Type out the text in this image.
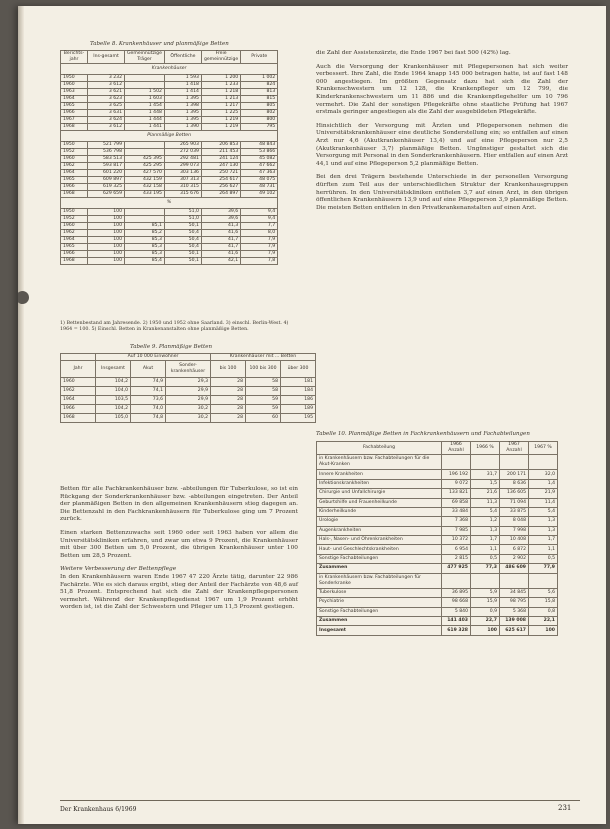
Tabelle 8. Krankenhäuser und planmäßige Betten
Berichts-jahr	Ins-gesamt	Gemeinnützige Träger	Öffentliche	Freie gemeinnützige	Private
Krankenhäuser					
1950	3 232		1 593	1 200	1 002
1960	3 612		1 418	1 233	824
1963	3 621	1 502	1 414	1 218	813
1964	3 623	1 603	1 395	1 213	815
1965	3 625	1 454	1 398	1 217	805
1966	3 631	1 448	1 395	1 225	802
1967	3 624	1 444	1 395	1 219	800
1968	3 612	1 441	1 390	1 219	795
Planmäßige Betten					
1950	521 799		265 903	206 853	48 843
1952	536 798		272 039	211 453	53 866
1960	583 513	425 395	292 481	241 124	45 082
1962	593 817	425 295	299 073	247 130	47 662
1964	601 220	427 570	303 136	250 721	47 363
1965	609 897	432 159	307 313	254 617	48 075
1966	619 325	432 158	310 315	256 627	48 731
1968	629 659	433 195	315 676	264 897	49 102
%					
1950	100		51,0	39,6	9,4
1952	100		51,0	39,6	9,4
1960	100	85,1	50,1	41,3	7,7
1962	100	85,2	50,4	41,6	8,0
1964	100	85,3	50,4	41,7	7,9
1965	100	85,3	50,4	41,7	7,9
1966	100	85,3	50,1	41,6	7,9
1968	100	85,4	50,1	42,1	7,8
1) Bettenbestand am Jahresende. 2) 1950 und 1952 ohne Saarland. 3) einschl. Berlin-West. 4) 1964 = 100. 5) Einschl. Betten in Krankenanstalten ohne planmäßige Betten.
Tabelle 9. Planmäßige Betten
	Auf 10 000 Einwohner			Krankenhäuser mit ... Betten		
Jahr	Insgesamt	Akut	Sonder-krankenhäuser	bis 100	100 bis 300	über 300
1960	104,2	74,9	29,3	28	58	181
1962	104,0	74,1	29,9	28	58	184
1964	103,5	73,6	29,9	28	59	186
1966	104,2	74,0	30,2	28	59	189
1968	105,0	74,8	30,2	28	60	195

Betten für alle Fachkrankenhäuser bzw. -abteilungen für Tuberkulose, so ist ein Rückgang der Sonderkrankenhäuser bzw. -abteilungen eingetreten. Der Anteil der planmäßigen Betten in den allgemeinen Krankenhäusern stieg dagegen an. Die Bettenzahl in den Fachkrankenhäusern für Tuberkulose ging um 7 Prozent zurück.

Einen starken Bettenzuwachs seit 1960 oder seit 1963 haben vor allem die Universitätskliniken erfahren, und zwar um etwa 9 Prozent, die Krankenhäuser mit über 300 Betten um 5,0 Prozent, die übrigen Krankenhäuser unter 100 Betten um 28,5 Prozent.

Weitere Verbesserung der Bettenpflege

In den Krankenhäusern waren Ende 1967 47 220 Ärzte tätig, darunter 22 986 Fachärzte. Wie es sich daraus ergibt, stieg der Anteil der Fachärzte von 48,6 auf 51,8 Prozent. Entsprechend hat sich die Zahl der Krankenpflegepersonen vermehrt. Während der Krankenpflegedienst 1967 um 1,9 Prozent erhöht worden ist, ist die Zahl der Schwestern und Pfleger um 11,5 Prozent gestiegen.

die Zahl der Assistenzärzte, die Ende 1967 bei fast 500 (42%) lag.

Auch die Versorgung der Krankenhäuser mit Pflegepersonen hat sich weiter verbessert. Ihre Zahl, die Ende 1964 knapp 145 000 betragen hatte, ist auf fast 148 000 angestiegen. Im größten Gegensatz dazu hat sich die Zahl der Krankenschwestern um 12 128, die Krankenpfleger um 12 799, die Kinderkrankenschwestern um 11 886 und die Krankenpflegehelfer um 10 796 vermehrt. Die Zahl der sonstigen Pflegekräfte ohne staatliche Prüfung hat 1967 erstmals geringer angestiegen als die Zahl der ausgebildeten Pflegekräfte.

Hinsichtlich der Versorgung mit Ärzten und Pflegepersonen nehmen die Universitätskrankenhäuser eine deutliche Sonderstellung ein; so entfallen auf einen Arzt nur 4,6 (Akutkrankenhäuser 13,4) und auf eine Pflegeperson nur 2,5 (Akutkrankenhäuser 3,7) planmäßige Betten. Ungünstiger gestaltet sich die Versorgung mit Personal in den Sonderkrankenhäusern. Hier entfallen auf einen Arzt 44,1 und auf eine Pflegeperson 5,2 planmäßige Betten.

Bei den drei Trägern bestehende Unterschiede in der personellen Versorgung dürften zum Teil aus der unterschiedlichen Struktur der Krankenhausgruppen herrühren. In den Universitätskliniken entfielen 3,7 auf einen Arzt, in den übrigen öffentlichen Krankenhäusern 13,9 und auf eine Pflegeperson 3,9 planmäßige Betten. Die meisten Betten entfielen in den Privatkrankenanstalten auf einen Arzt.

Tabelle 10. Planmäßige Betten in Fachkrankenhäusern und Fachabteilungen
Fachabteilung	1966 Anzahl	1966 %	1967 Anzahl	1967 %
in Krankenhäusern bzw. Fachabteilungen für die Akut-Kranken				
Innere Krankheiten	196 192	31,7	200 171	32,0
Infektionskrankheiten	9 072	1,5	8 636	1,4
Chirurgie und Unfallchirurgie	133 821	21,6	136 605	21,9
Geburtshilfe und Frauenheilkunde	69 858	11,3	71 094	11,4
Kinderheilkunde	33 484	5,4	33 875	5,4
Urologie	7 368	1,2	8 048	1,3
Augenkrankheiten	7 985	1,3	7 998	1,3
Hals-, Nasen- und Ohrenkrankheiten	10 372	1,7	10 408	1,7
Haut- und Geschlechtskrankheiten	6 954	1,1	6 872	1,1
Sonstige Fachabteilungen	2 815	0,5	2 902	0,5
Zusammen	477 925	77,3	486 609	77,9
in Krankenhäusern bzw. Fachabteilungen für Sonderkranke				
Tuberkulose	36 895	5,9	34 845	5,6
Psychiatrie	98 668	15,9	98 795	15,8
Sonstige Fachabteilungen	5 840	0,9	5 368	0,8
Zusammen	141 403	22,7	139 008	22,1
Insgesamt	619 328	100	625 617	100
Der Krankenhaus 6/1969	231
